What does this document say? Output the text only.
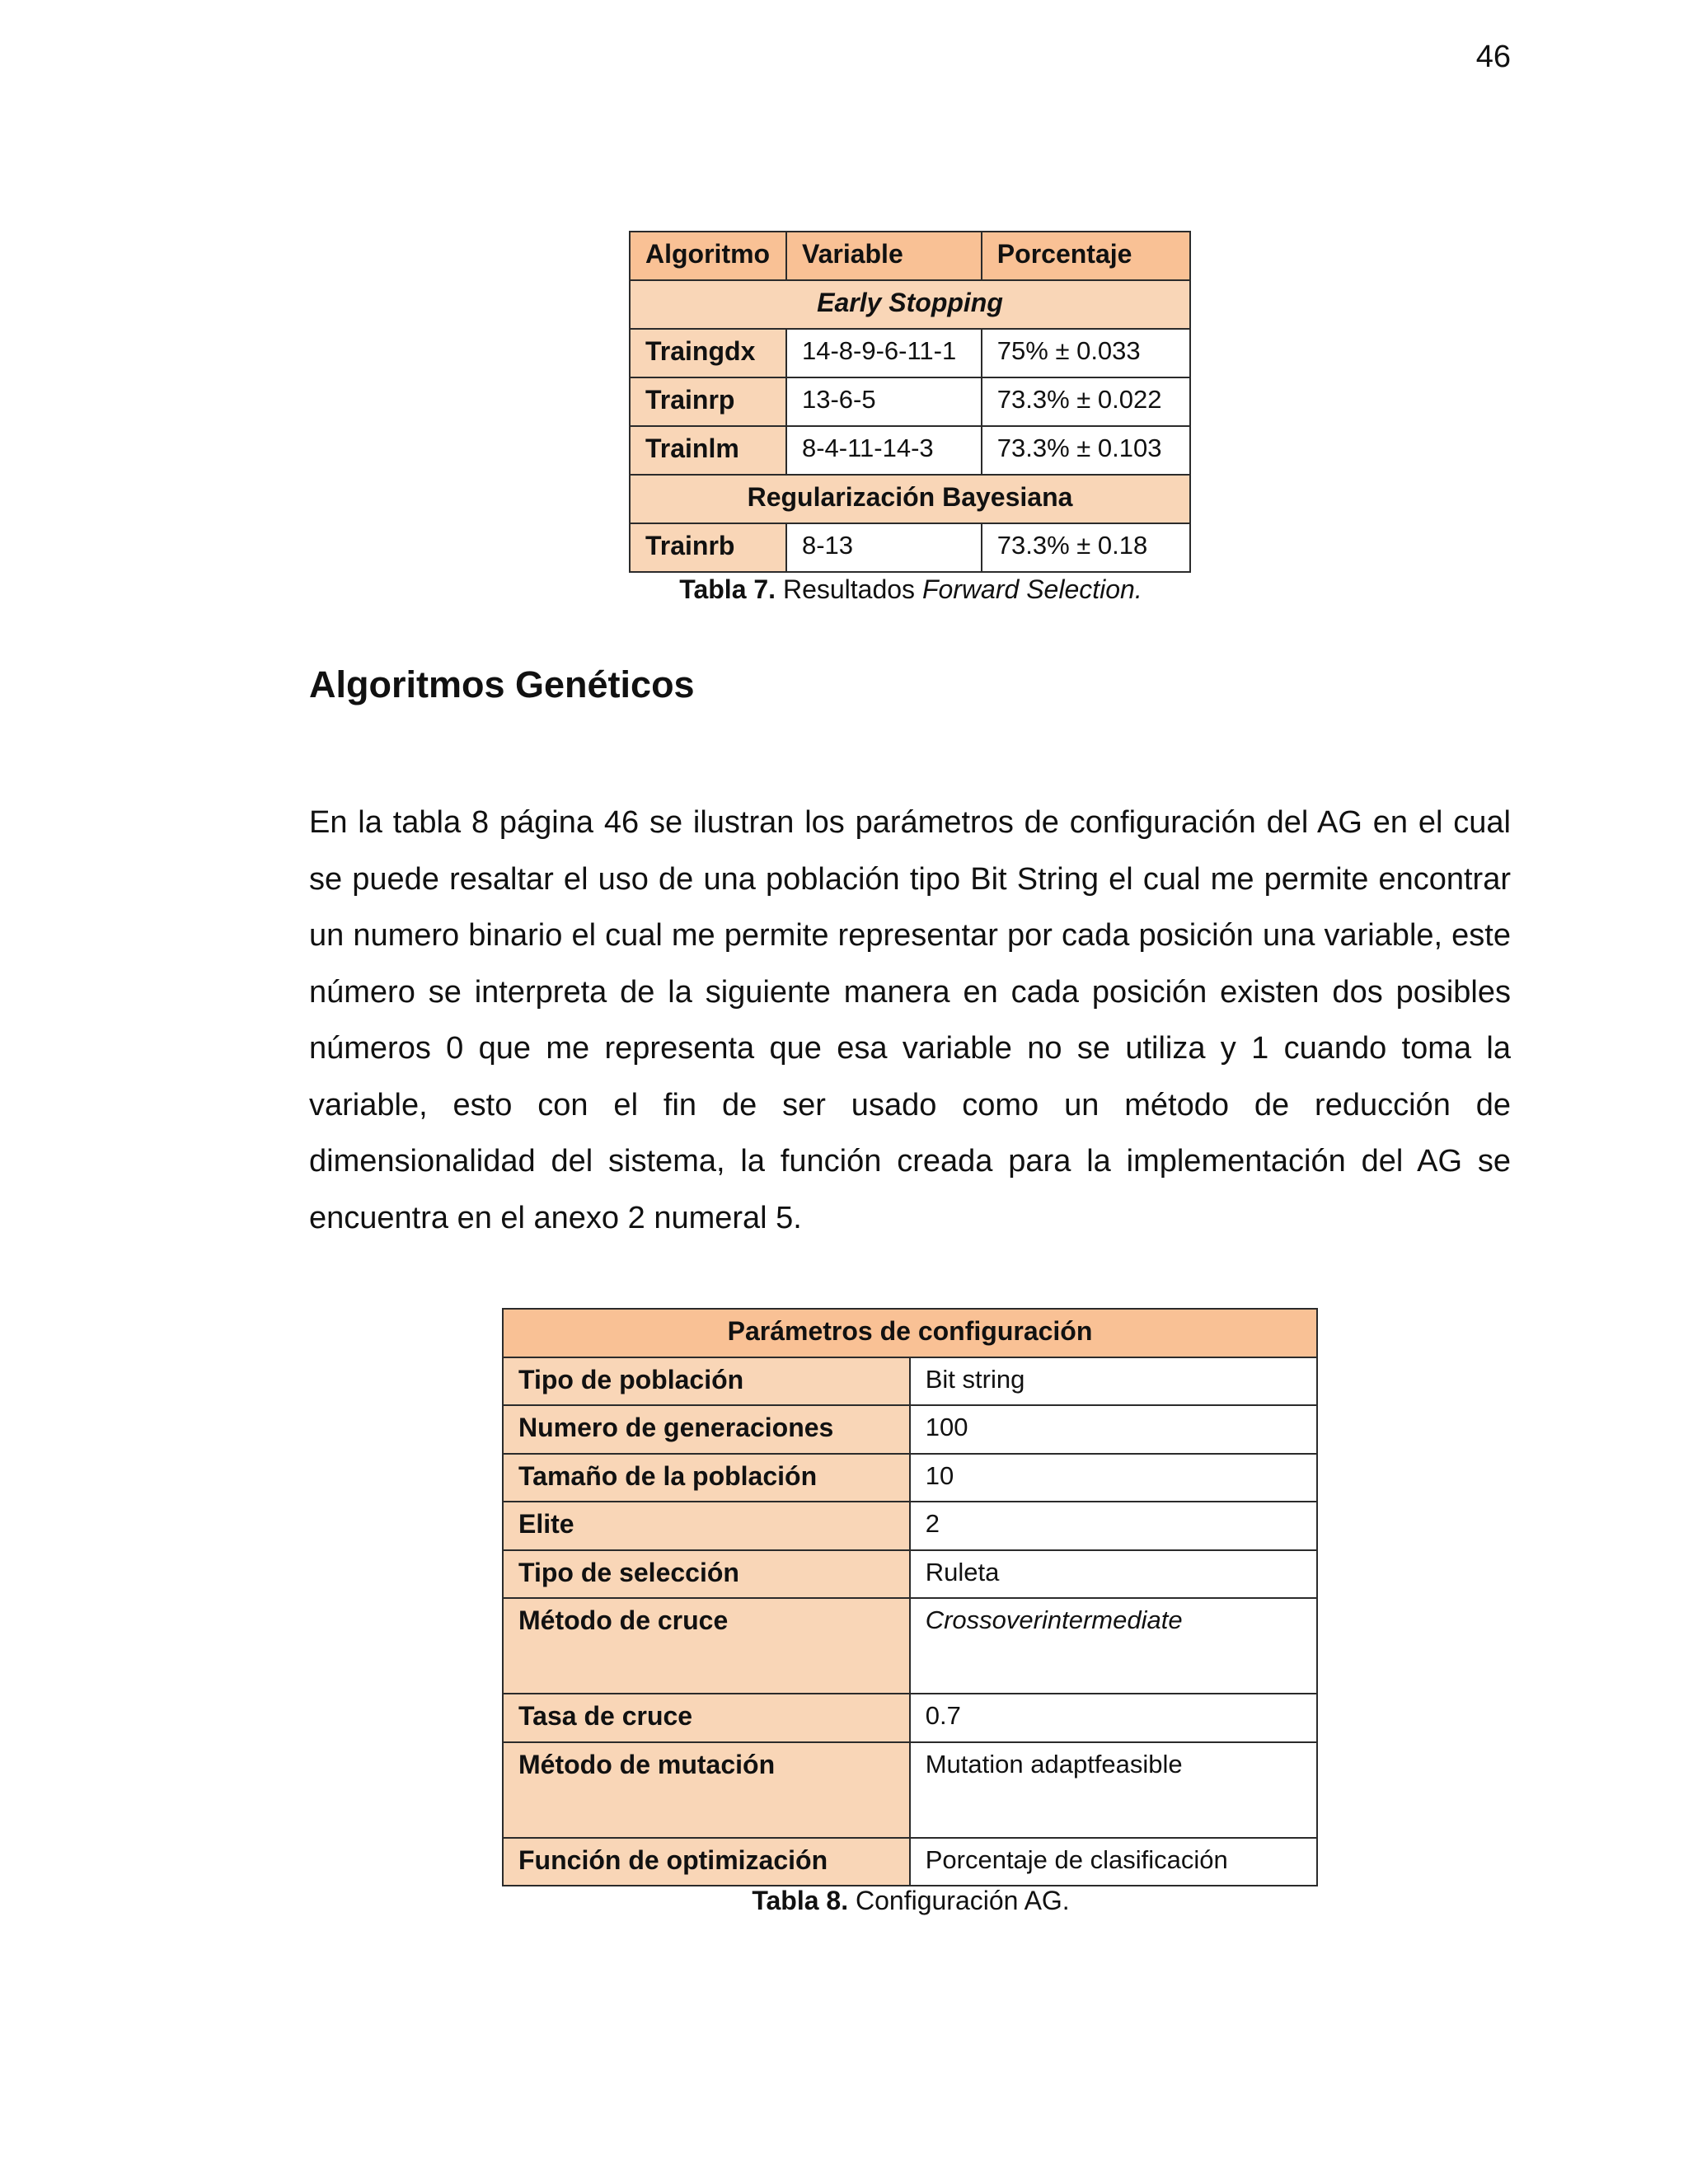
46
Algoritmo	Variable	Porcentaje
Early Stopping		
Traingdx	14-8-9-6-11-1	75% ± 0.033
Trainrp	13-6-5	73.3% ± 0.022
Trainlm	8-4-11-14-3	73.3% ± 0.103
Regularización Bayesiana		
Trainrb	8-13	73.3% ± 0.18
Tabla 7. Resultados Forward Selection.
Algoritmos Genéticos

En la tabla 8 página 46 se ilustran los parámetros de configuración del AG en el cual se puede resaltar el uso de una población tipo Bit String el cual me permite encontrar un numero binario el cual me permite representar por cada posición una variable, este número se interpreta de la siguiente manera en cada posición existen dos posibles números 0 que me representa que esa variable no se utiliza y 1 cuando toma la variable, esto con el fin de ser usado como un método de reducción de dimensionalidad del sistema, la función creada para la implementación del AG se encuentra en el anexo 2 numeral 5.

Parámetros de configuración	
Tipo de población	Bit string
Numero de generaciones	100
Tamaño de la población	10
Elite	2
Tipo de selección	Ruleta
Método de cruce	Crossoverintermediate
Tasa de cruce	0.7
Método de mutación	Mutation adaptfeasible
Función de optimización	Porcentaje de clasificación
Tabla 8. Configuración AG.
